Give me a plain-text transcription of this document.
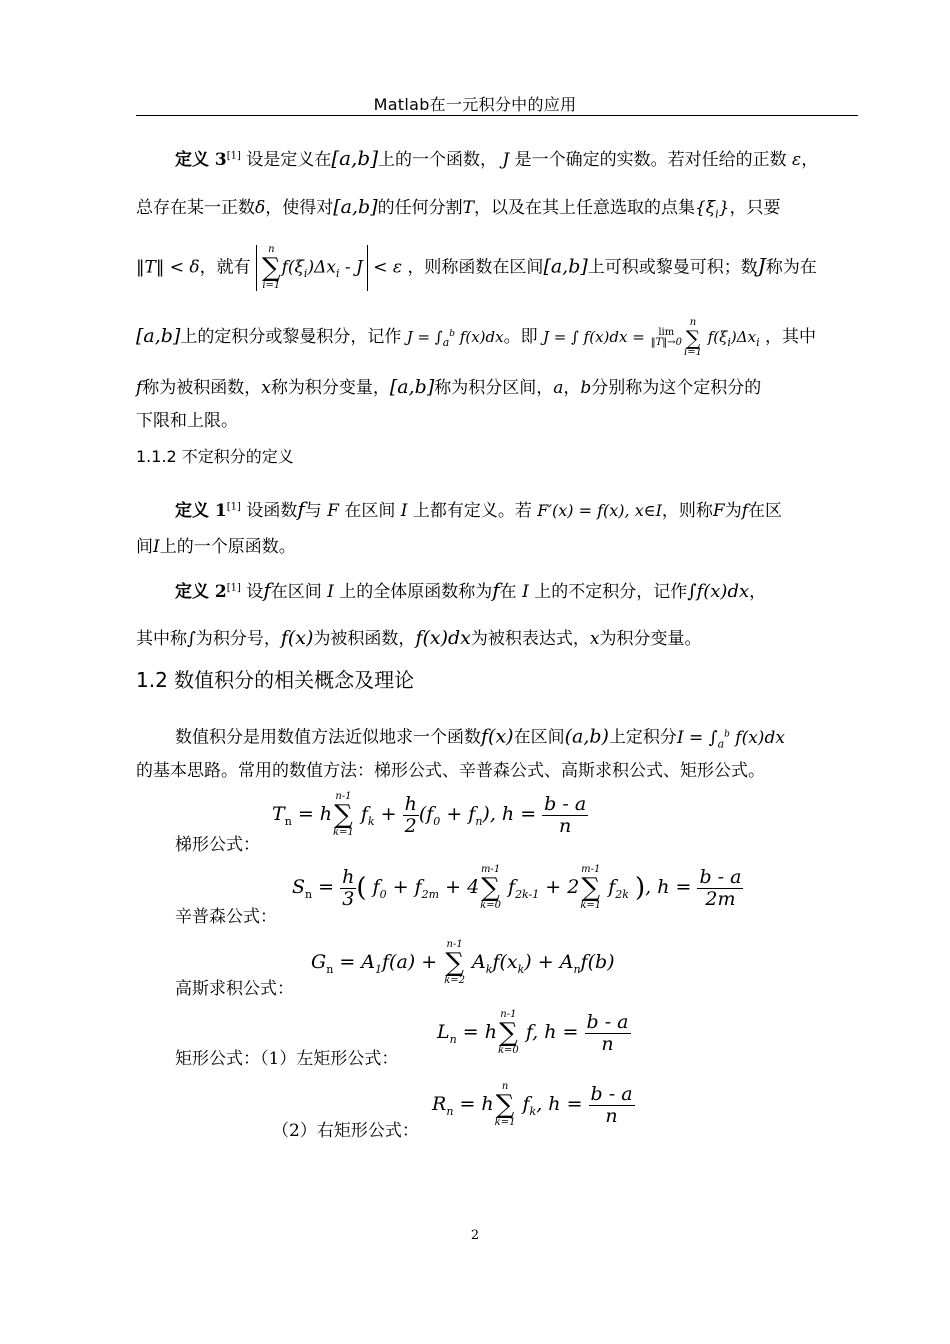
Matlab在一元积分中的应用
定义 3[1] 设是定义在[a,b]上的一个函数， J 是一个确定的实数。若对任给的正数 ε，
总存在某一正数δ，使得对[a,b]的任何分割T，以及在其上任意选取的点集$\{\xi_i\}$，只要
‖T‖ < δ，就有
n
∑
i=1
$f(\xi_i)\Delta x_i - J < \varepsilon$ ，则称函数在区间[a,b]上可积或黎曼可积；数J称为在
[a,b]上的定积分或黎曼积分，记作 $J = \int_a^b$ f(x)dx。即 J = ∫ f(x)dx = lim
‖T‖→0
n
∑
i=1
$f(\xi_i)\Delta x_i$ ，其中
f称为被积函数，x称为积分变量，[a,b]称为积分区间，a，b分别称为这个定积分的
下限和上限。
1.1.2 不定积分的定义
定义 1[1] 设函数f与 F 在区间 I 上都有定义。若 F′(x) = f(x), x∈I，则称F为f在区
间I上的一个原函数。
定义 2[1] 设f在区间 I 上的全体原函数称为f在 I 上的不定积分，记作∫f(x)dx，
其中称∫为积分号，f(x)为被积函数，f(x)dx为被积表达式，x为积分变量。
1.2 数值积分的相关概念及理论
数值积分是用数值方法近似地求一个函数f(x)在区间(a,b)上定积分$I = \int_a^b$ f(x)dx
的基本思路。常用的数值方法：梯形公式、辛普森公式、高斯求积公式、矩形公式。
梯形公式：
$T_n = h$
n-1
∑
k=1
$f_k + \frac{h}{2} (f_0 + f_n)$, $h = \frac{b - a}{n}$
辛普森公式：
$S_n = \frac{h}{3}$ ( $f_0 + f_{2m} + 4$
m-1
∑
k=0
$f_{2k-1} + 2$
m-1
∑
k=1
$f_{2k}$ ), $h = \frac{b - a}{2m}$
高斯求积公式：
$G_n = A_1f(a)$ +
n-1
∑
k=2
$A_kf(x_k) + A_nf(b)$
矩形公式：（1）左矩形公式：
$L_n = h$
n-1
∑
k=0
f, $h = \frac{b - a}{n}$
（2）右矩形公式：
$R_n = h$
n
∑
k=1
$f_k$, $h = \frac{b - a}{n}$
2
